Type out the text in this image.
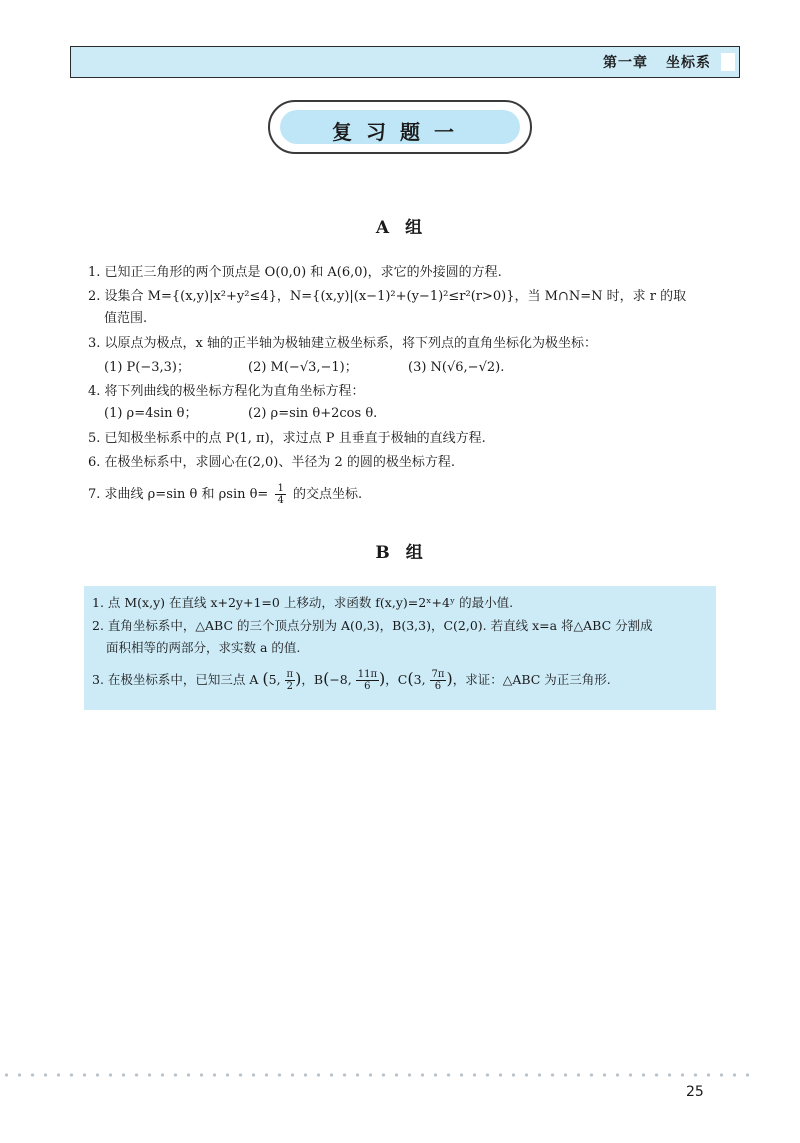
第一章 坐标系
复习题一
A 组
1. 已知正三角形的两个顶点是 O(0,0) 和 A(6,0)，求它的外接圆的方程.
2. 设集合 M={(x,y)|x²+y²≤4}，N={(x,y)|(x−1)²+(y−1)²≤r²(r>0)}，当 M∩N=N 时，求 r 的取
值范围.
3. 以原点为极点，x 轴的正半轴为极轴建立极坐标系，将下列点的直角坐标化为极坐标：
(1) P(−3,3)；	(2) M(−√3,−1)；	(3) N(√6,−√2).
4. 将下列曲线的极坐标方程化为直角坐标方程：
(1) ρ=4sin θ；	(2) ρ=sin θ+2cos θ.
5. 已知极坐标系中的点 P(1, π)，求过点 P 且垂直于极轴的直线方程.
6. 在极坐标系中，求圆心在(2,0)、半径为 2 的圆的极坐标方程.
7. 求曲线 ρ=sin θ 和 ρsin $\theta= \frac{1}{4}$ 的交点坐标.
B 组
1. 点 M(x,y) 在直线 x+2y+1=0 上移动，求函数 f(x,y)=2ˣ+4ʸ 的最小值.
2. 直角坐标系中，△ABC 的三个顶点分别为 A(0,3)，B(3,3)，C(2,0). 若直线 x=a 将△ABC 分割成
面积相等的两部分，求实数 a 的值.
3. 在极坐标系中，已知三点 A (5, $\frac{\pi}{2}$ )，B(−8, $\frac{11\pi}{6}$ )，C(3, $\frac{7\pi}{6}$ )，求证：△ABC 为正三角形.
25
